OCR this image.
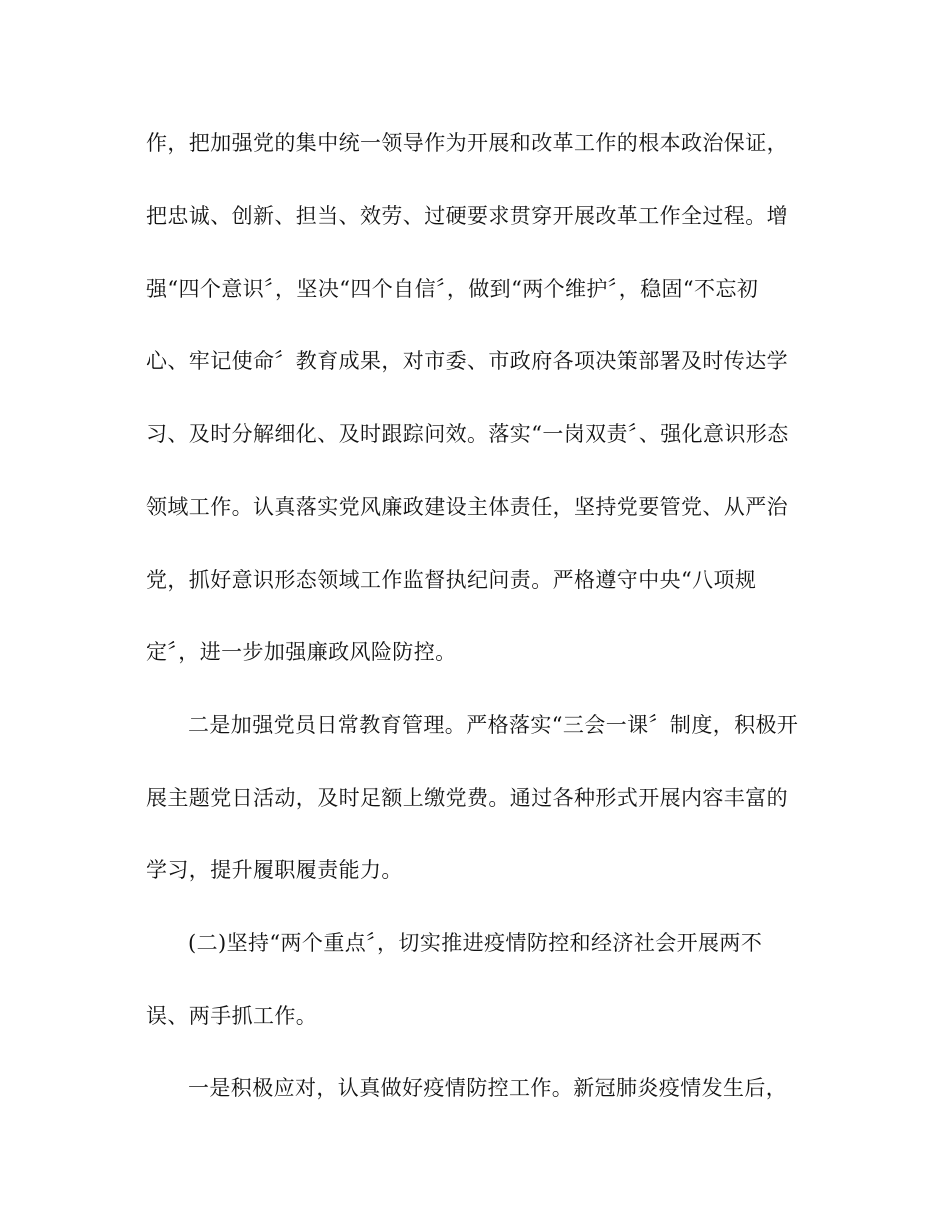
作，把加强党的集中统一领导作为开展和改革工作的根本政治保证，
把忠诚、创新、担当、效劳、过硬要求贯穿开展改革工作全过程。增
强“四个意识〞，坚决“四个自信〞，做到“两个维护〞，稳固“不忘初
心、牢记使命〞教育成果，对市委、市政府各项决策部署及时传达学
习、及时分解细化、及时跟踪问效。落实“一岗双责〞、强化意识形态
领域工作。认真落实党风廉政建设主体责任，坚持党要管党、从严治
党，抓好意识形态领域工作监督执纪问责。严格遵守中央“八项规
定〞，进一步加强廉政风险防控。
二是加强党员日常教育管理。严格落实“三会一课〞制度，积极开
展主题党日活动，及时足额上缴党费。通过各种形式开展内容丰富的
学习，提升履职履责能力。
(二)坚持“两个重点〞，切实推进疫情防控和经济社会开展两不
误、两手抓工作。
一是积极应对，认真做好疫情防控工作。新冠肺炎疫情发生后，
